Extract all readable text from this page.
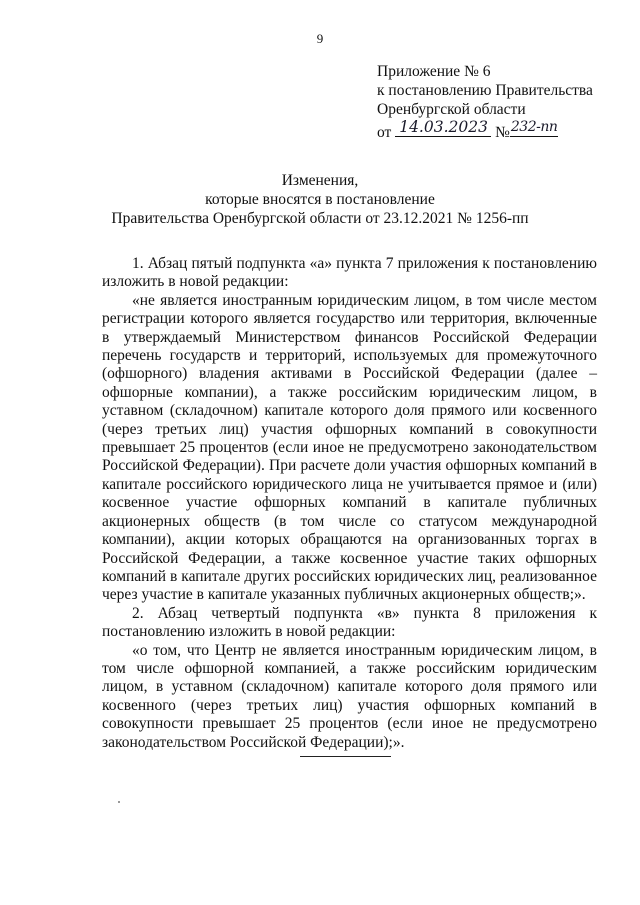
9
Приложение № 6
к постановлению Правительства
Оренбургской области
от 14.03.2023 № 232-пп
Изменения,
которые вносятся в постановление
Правительства Оренбургской области от 23.12.2021 № 1256-пп

1. Абзац пятый подпункта «а» пункта 7 приложения к постановлению изложить в новой редакции:

«не является иностранным юридическим лицом, в том числе местом регистрации которого является государство или территория, включенные в утверждаемый Министерством финансов Российской Федерации перечень государств и территорий, используемых для промежуточного (офшорного) владения активами в Российской Федерации (далее – офшорные компании), а также российским юридическим лицом, в уставном (складочном) капитале которого доля прямого или косвенного (через третьих лиц) участия офшорных компаний в совокупности превышает 25 процентов (если иное не предусмотрено законодательством Российской Федерации). При расчете доли участия офшорных компаний в капитале российского юридического лица не учитывается прямое и (или) косвенное участие офшорных компаний в капитале публичных акционерных обществ (в том числе со статусом международной компании), акции которых обращаются на организованных торгах в Российской Федерации, а также косвенное участие таких офшорных компаний в капитале других российских юридических лиц, реализованное через участие в капитале указанных публичных акционерных обществ;».

2. Абзац четвертый подпункта «в» пункта 8 приложения к постановлению изложить в новой редакции:

«о том, что Центр не является иностранным юридическим лицом, в том числе офшорной компанией, а также российским юридическим лицом, в уставном (складочном) капитале которого доля прямого или косвенного (через третьих лиц) участия офшорных компаний в совокупности превышает 25 процентов (если иное не предусмотрено законодательством Российской Федерации);».
